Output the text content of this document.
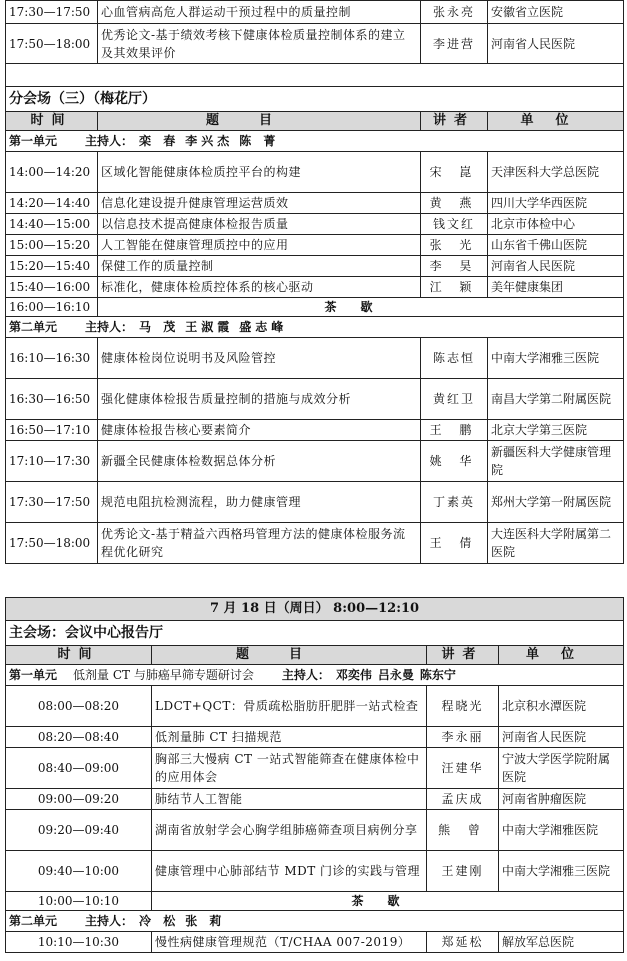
17:30—17:50	心血管病高危人群运动干预过程中的质量控制	张永亮	安徽省立医院
17:50—18:00	优秀论文-基于绩效考核下健康体检质量控制体系的建立及其效果评价	李进营	河南省人民医院

分会场（三）（梅花厅）			
时间	题目	讲者	单位
第一单元 主持人： 栾 春 李兴杰 陈 菁			
14:00—14:20	区域化智能健康体检质控平台的构建	宋 崑	天津医科大学总医院
14:20—14:40	信息化建设提升健康管理运营质效	黄 燕	四川大学华西医院
14:40—15:00	以信息技术提高健康体检报告质量	钱文红	北京市体检中心
15:00—15:20	人工智能在健康管理质控中的应用	张 光	山东省千佛山医院
15:20—15:40	保健工作的质量控制	李 昊	河南省人民医院
15:40—16:00	标准化，健康体检质控体系的核心驱动	江 颖	美年健康集团
16:00—16:10	茶歇		
第二单元 主持人： 马 茂 王淑霞 盛志峰			
16:10—16:30	健康体检岗位说明书及风险管控	陈志恒	中南大学湘雅三医院
16:30—16:50	强化健康体检报告质量控制的措施与成效分析	黄红卫	南昌大学第二附属医院
16:50—17:10	健康体检报告核心要素简介	王 鹏	北京大学第三医院
17:10—17:30	新疆全民健康体检数据总体分析	姚 华	新疆医科大学健康管理院
17:30—17:50	规范电阻抗检测流程，助力健康管理	丁素英	郑州大学第一附属医院
17:50—18:00	优秀论文-基于精益六西格玛管理方法的健康体检服务流程优化研究	王 倩	大连医科大学附属第二医院
7 月 18 日（周日） 8:00—12:10			
主会场：会议中心报告厅			
时间	题目	讲者	单位
第一单元 低剂量 CT 与肺癌早筛专题研讨会 主持人： 邓奕伟 吕永曼 陈东宁			
08:00—08:20	LDCT+QCT：骨质疏松脂肪肝肥胖一站式检查	程晓光	北京积水潭医院
08:20—08:40	低剂量肺 CT 扫描规范	李永丽	河南省人民医院
08:40—09:00	胸部三大慢病 CT 一站式智能筛查在健康体检中的应用体会	汪建华	宁波大学医学院附属医院
09:00—09:20	肺结节人工智能	孟庆成	河南省肿瘤医院
09:20—09:40	湖南省放射学会心胸学组肺癌筛查项目病例分享	熊 曾	中南大学湘雅医院
09:40—10:00	健康管理中心肺部结节 MDT 门诊的实践与管理	王建刚	中南大学湘雅三医院
10:00—10:10	茶歇		
第二单元 主持人： 冷 松 张 莉			
10:10—10:30	慢性病健康管理规范（T/CHAA 007-2019）	郑延松	解放军总医院
